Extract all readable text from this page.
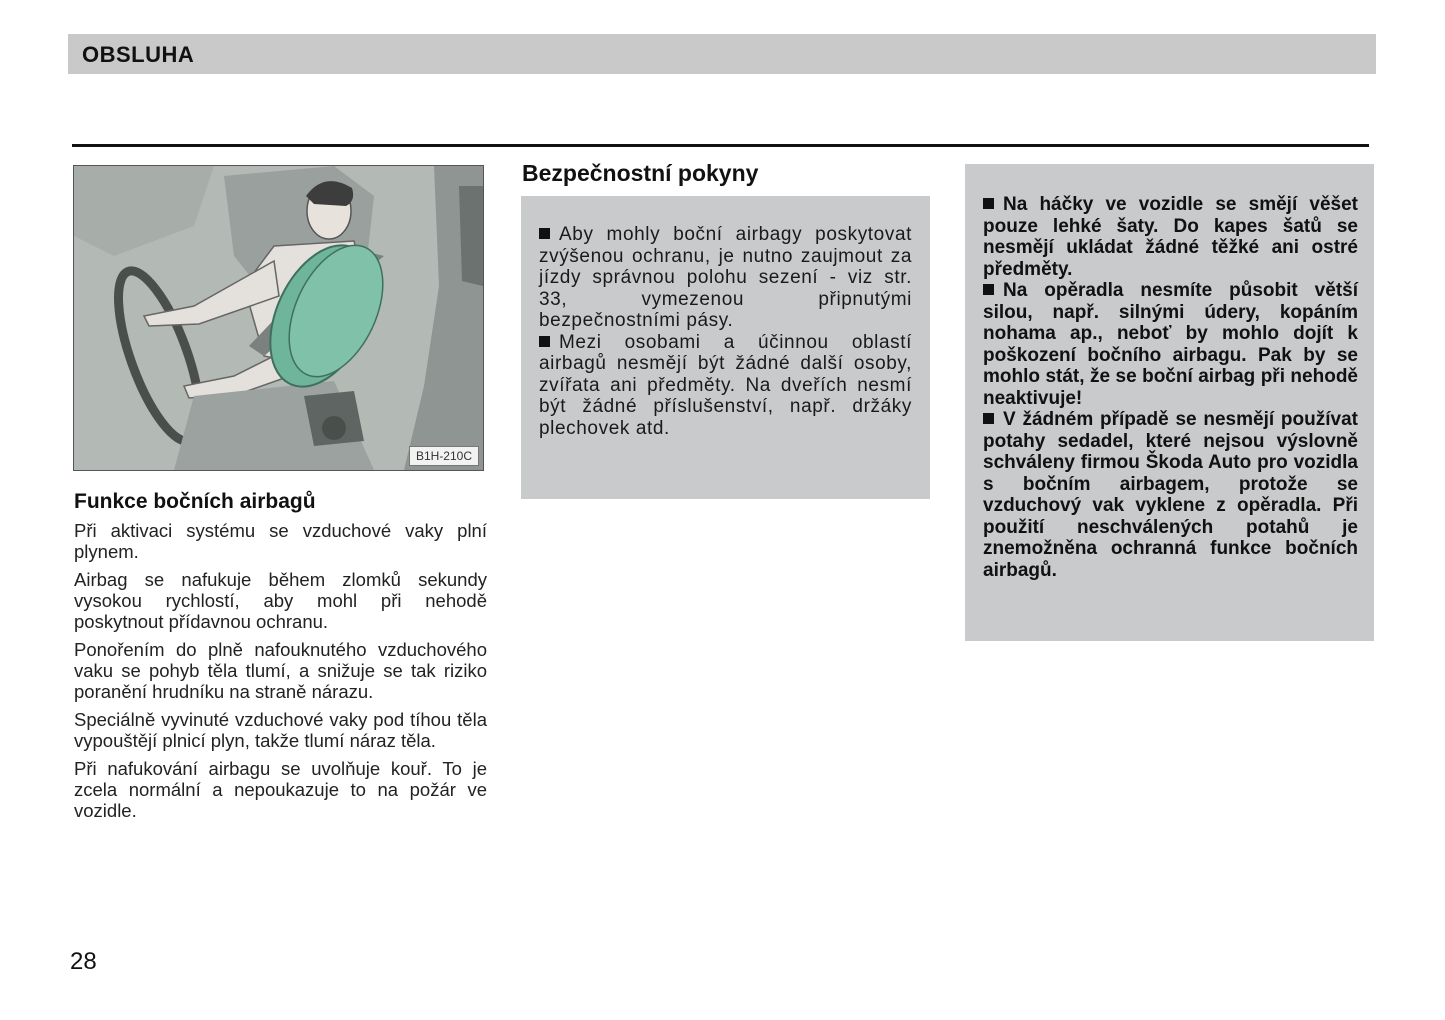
OBSLUHA
B1H-210C
Funkce bočních airbagů

Při aktivaci systému se vzduchové vaky plní plynem.

Airbag se nafukuje během zlomků sekundy vysokou rychlostí, aby mohl při nehodě poskytnout přídavnou ochranu.

Ponořením do plně nafouknutého vzduchového vaku se pohyb těla tlumí, a snižuje se tak riziko poranění hrudníku na straně nárazu.

Speciálně vyvinuté vzduchové vaky pod tíhou těla vypouštějí plnicí plyn, takže tlumí náraz těla.

Při nafukování airbagu se uvolňuje kouř. To je zcela normální a nepoukazuje to na požár ve vozidle.

Bezpečnostní pokyny

Aby mohly boční airbagy poskytovat zvýšenou ochranu, je nutno zaujmout za jízdy správnou polohu sezení - viz str. 33, vymezenou připnutými bezpečnostními pásy.

Mezi osobami a účinnou oblastí airbagů nesmějí být žádné další osoby, zvířata ani předměty. Na dveřích nesmí být žádné příslušenství, např. držáky plechovek atd.

Na háčky ve vozidle se smějí věšet pouze lehké šaty. Do kapes šatů se nesmějí ukládat žádné těžké ani ostré předměty.

Na opěradla nesmíte působit větší silou, např. silnými údery, kopáním nohama ap., neboť by mohlo dojít k poškození bočního airbagu. Pak by se mohlo stát, že se boční airbag při nehodě neaktivuje!

V žádném případě se nesmějí používat potahy sedadel, které nejsou výslovně schváleny firmou Škoda Auto pro vozidla s bočním airbagem, protože se vzduchový vak vyklene z opěradla. Při použití neschválených potahů je znemožněna ochranná funkce bočních airbagů.

28
